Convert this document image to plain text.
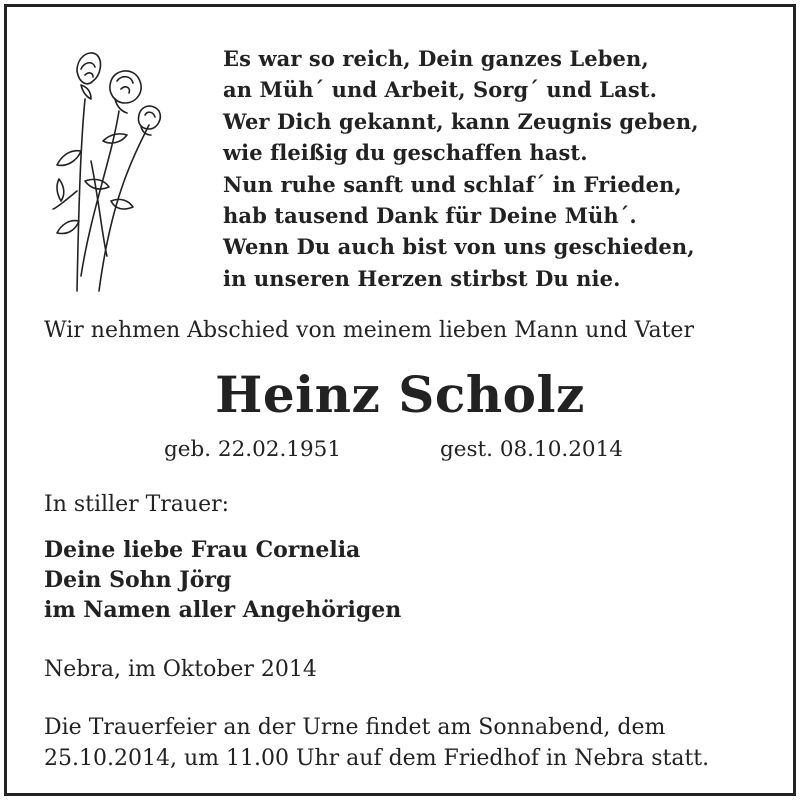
Es war so reich, Dein ganzes Leben,
an Müh´ und Arbeit, Sorg´ und Last.
Wer Dich gekannt, kann Zeugnis geben,
wie fleißig du geschaffen hast.
Nun ruhe sanft und schlaf´ in Frieden,
hab tausend Dank für Deine Müh´.
Wenn Du auch bist von uns geschieden,
in unseren Herzen stirbst Du nie.
Wir nehmen Abschied von meinem lieben Mann und Vater
Heinz Scholz
geb. 22.02.1951	gest. 08.10.2014
In stiller Trauer:
Deine liebe Frau Cornelia
Dein Sohn Jörg
im Namen aller Angehörigen
Nebra, im Oktober 2014
Die Trauerfeier an der Urne findet am Sonnabend, dem
25.10.2014, um 11.00 Uhr auf dem Friedhof in Nebra statt.
